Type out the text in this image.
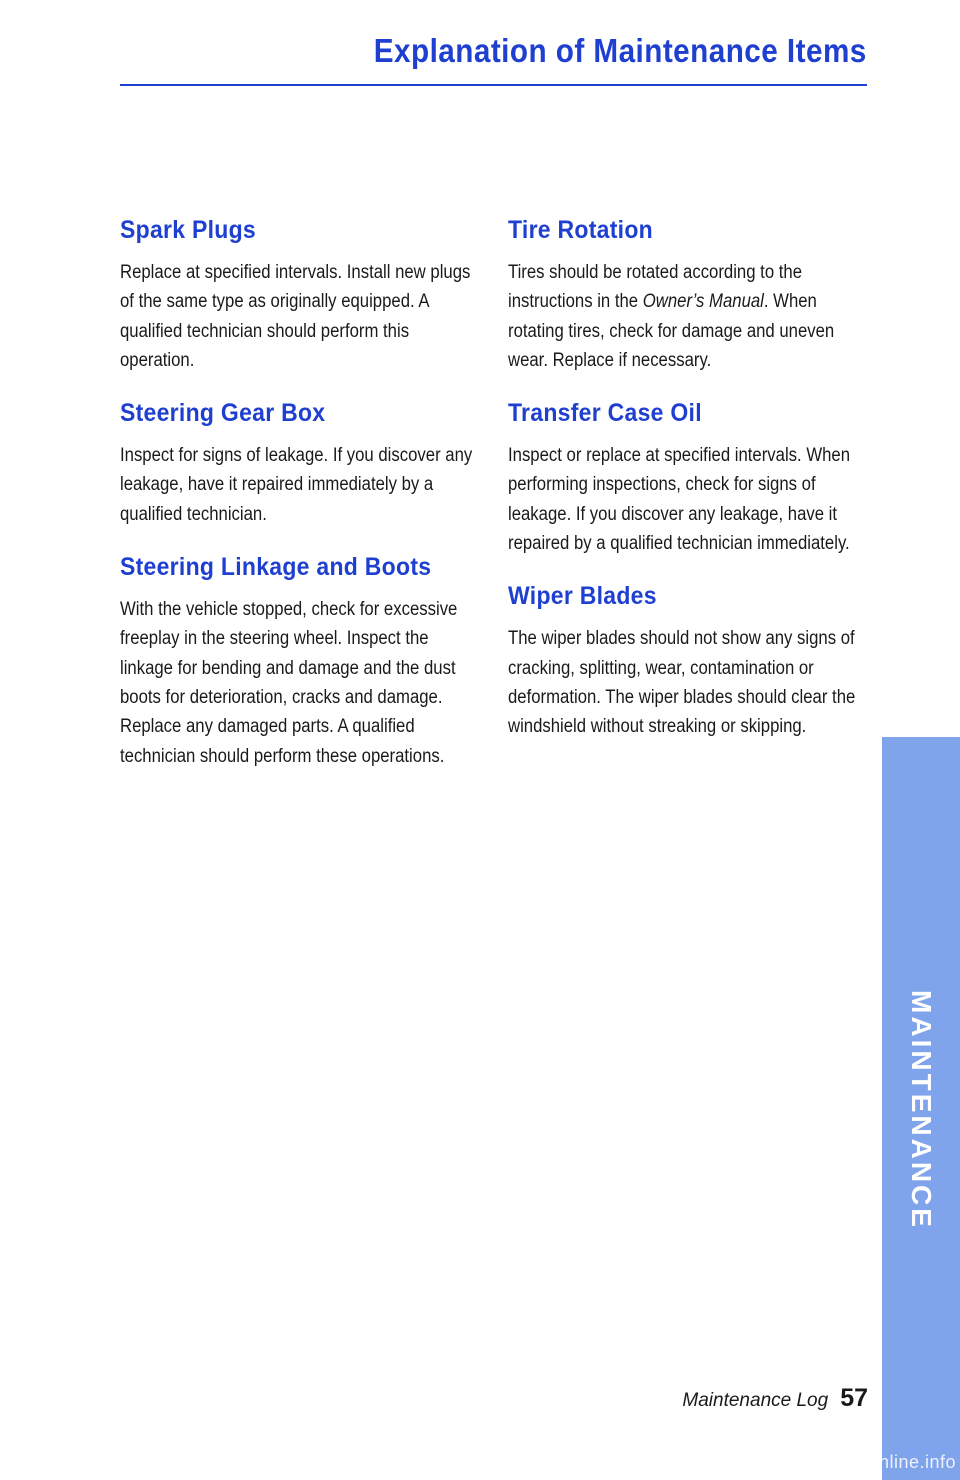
Explanation of Maintenance Items
Spark Plugs

Replace at specified intervals. Install new plugs of the same type as originally equipped. A qualified technician should perform this operation.

Steering Gear Box

Inspect for signs of leakage. If you discover any leakage, have it repaired immediately by a qualified technician.

Steering Linkage and Boots

With the vehicle stopped, check for excessive freeplay in the steering wheel. Inspect the linkage for bending and damage and the dust boots for deterioration, cracks and damage. Replace any damaged parts. A qualified technician should perform these operations.

Tire Rotation

Tires should be rotated according to the instructions in the Owner’s Manual. When rotating tires, check for damage and uneven wear. Replace if necessary.

Transfer Case Oil

Inspect or replace at specified intervals. When performing inspections, check for signs of leakage. If you discover any leakage, have it repaired by a qualified technician immediately.

Wiper Blades

The wiper blades should not show any signs of cracking, splitting, wear, contamination or deformation. The wiper blades should clear the windshield without streaking or skipping.

MAINTENANCE
Maintenance Log 57
carmanualsonline.info
